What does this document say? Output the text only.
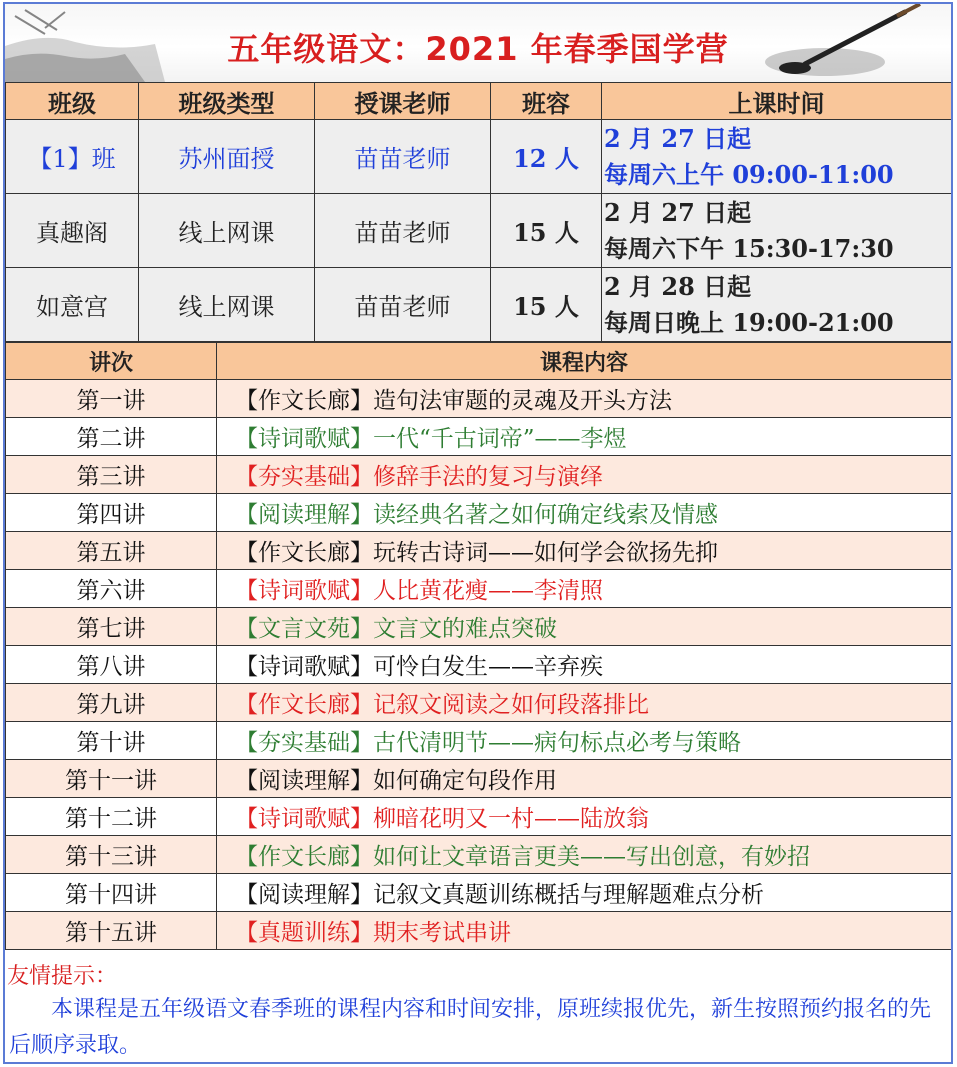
五年级语文：2021 年春季国学营
班级	班级类型	授课老师	班容	上课时间
【1】班	苏州面授	苗苗老师	12 人	2 月 27 日起
每周六上午 09:00-11:00

真趣阁	线上网课	苗苗老师	15 人	2 月 27 日起
每周六下午 15:30-17:30

如意宫	线上网课	苗苗老师	15 人	2 月 28 日起
每周日晚上 19:00-21:00
讲次	课程内容
第一讲	【作文长廊】造句法审题的灵魂及开头方法
第二讲	【诗词歌赋】一代“千古词帝”——李煜
第三讲	【夯实基础】修辞手法的复习与演绎
第四讲	【阅读理解】读经典名著之如何确定线索及情感
第五讲	【作文长廊】玩转古诗词——如何学会欲扬先抑
第六讲	【诗词歌赋】人比黄花瘦——李清照
第七讲	【文言文苑】文言文的难点突破
第八讲	【诗词歌赋】可怜白发生——辛弃疾
第九讲	【作文长廊】记叙文阅读之如何段落排比
第十讲	【夯实基础】古代清明节——病句标点必考与策略
第十一讲	【阅读理解】如何确定句段作用
第十二讲	【诗词歌赋】柳暗花明又一村——陆放翁
第十三讲	【作文长廊】如何让文章语言更美——写出创意，有妙招
第十四讲	【阅读理解】记叙文真题训练概括与理解题难点分析
第十五讲	【真题训练】期末考试串讲
友情提示：
本课程是五年级语文春季班的课程内容和时间安排，原班续报优先，新生按照预约报名的先后顺序录取。
